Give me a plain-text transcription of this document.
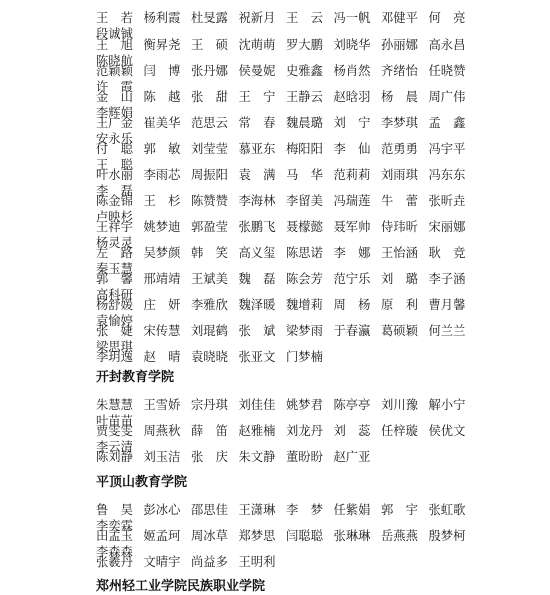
王　若 杨利霞 杜旻露 祝新月 王　云 冯一帆 邓健平 何　亮
段诚铖
王　旭 衡昇尧 王　硕 沈萌萌 罗大鹏 刘晓华 孙丽娜 高永昌
陈晓航
范颖颖 闫　博 张丹娜 侯曼妮 史雅鑫 杨肖然 齐绪怡 任晓赞
许　霞
金　山 陈　越 张　甜 王　宁 王静云 赵晗羽 杨　晨 周广伟
李辉娟
王广金 崔美华 范思云 常　春 魏晨璐 刘　宁 李梦琪 孟　鑫
安永乐
付　聪 郭　敏 刘莹莹 慕亚东 梅阳阳 李　仙 范勇勇 冯宇平
王　聪
叶水丽 李雨芯 周振阳 袁　满 马　华 范莉莉 刘雨琪 冯东东
李　磊
陈金锦 王　杉 陈赞赞 李海林 李留美 冯瑞莲 牛　蕾 张昕垚
卢映杉
王祥宇 姚梦迪 郭盈莹 张鹏飞 聂檬懿 聂军帅 侍玮昕 宋丽娜
杨灵灵
左　路 吴梦颜 韩　笑 高义玺 陈思诺 李　娜 王怡涵 耿　竞
秦玉慧
郭　馨 邢靖靖 王斌美 魏　磊 陈会芳 范宁乐 刘　璐 李子涵
高科研
杨舒媛 庄　妍 李雅欣 魏泽暖 魏增莉 周　杨 原　利 曹月馨
袁愉婷
张　婕 宋传慧 刘琨鹤 张　斌 梁梦雨 于春瀛 葛硕颖 何兰兰
梁思琪
李玥逸 赵　晴 袁晓晓 张亚文 门梦楠
开封教育学院
朱慧慧 王雪娇 宗丹琪 刘佳佳 姚梦君 陈亭亭 刘川豫 解小宁
叶苗苗
贾雯雯 周燕秋 薛　笛 赵雅楠 刘龙丹 刘　蕊 任梓璇 侯优文
李云清
陈刘静 刘玉洁 张　庆 朱文静 董盼盼 赵广亚
平顶山教育学院
鲁　昊 彭冰心 邵思佳 王潇琳 李　梦 任紫娟 郭　宇 张虹歌
李奕霖
田孟玉 姬孟珂 周冰草 郑梦思 闫聪聪 张琳琳 岳燕燕 殷梦柯
李森森
张羲丹 文晴宇 尚益多 王明利
郑州轻工业学院民族职业学院
